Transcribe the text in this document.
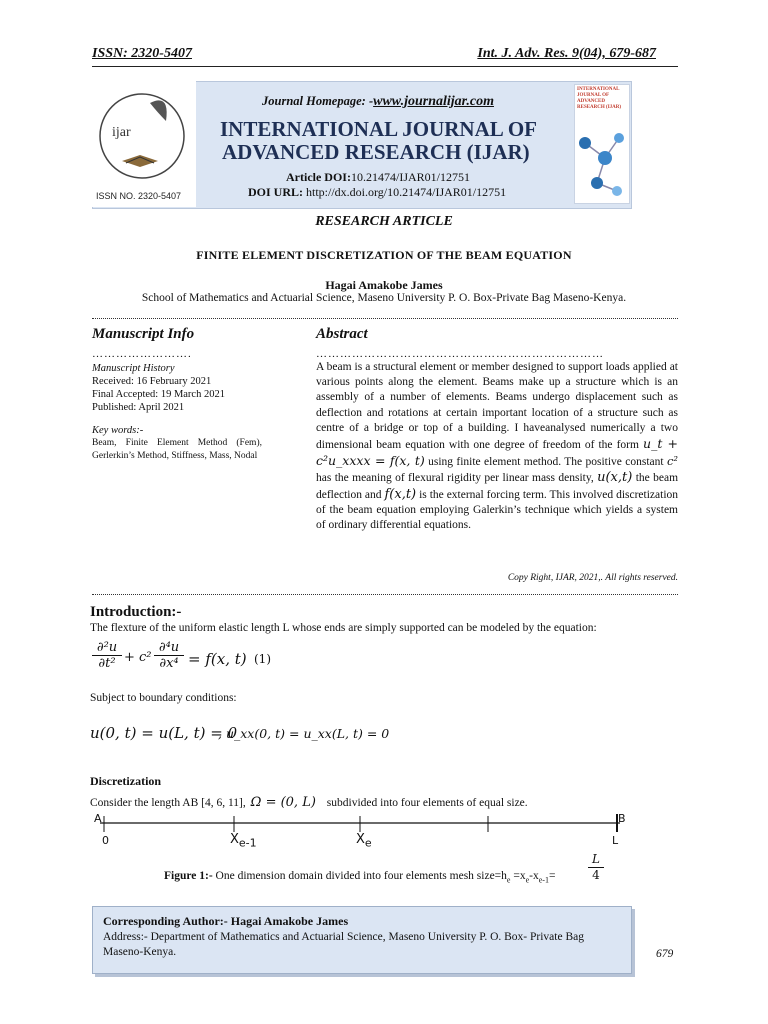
ISSN: 2320-5407	Int. J. Adv. Res. 9(04), 679-687
ijar
ISSN NO. 2320-5407
Journal Homepage: -www.journalijar.com
INTERNATIONAL JOURNAL OF
ADVANCED RESEARCH (IJAR)
Article DOI:10.21474/IJAR01/12751
DOI URL: http://dx.doi.org/10.21474/IJAR01/12751
INTERNATIONAL JOURNAL OF ADVANCED RESEARCH (IJAR)
RESEARCH ARTICLE
FINITE ELEMENT DISCRETIZATION OF THE BEAM EQUATION
Hagai Amakobe James
School of Mathematics and Actuarial Science, Maseno University P. O. Box-Private Bag Maseno-Kenya.
Manuscript Info
…………………….
Manuscript History
Received: 16 February 2021
Final Accepted: 19 March 2021
Published: April 2021
Key words:-
Beam, Finite Element Method (Fem), Gerlerkin’s Method, Stiffness, Mass, Nodal
Abstract
………………………………………………………………
A beam is a structural element or member designed to support loads applied at various points along the element. Beams make up a structure which is an assembly of a number of elements. Beams undergo displacement such as deflection and rotations at certain important location of a structure such as centre of a bridge or top of a building. I haveanalysed numerically a two dimensional beam equation with one degree of freedom of the form u_t + c²u_xxxx = f(x, t) using finite element method. The positive constant c² has the meaning of flexural rigidity per linear mass density, u(x,t) the beam deflection and f(x,t) is the external forcing term. This involved discretization of the beam equation employing Galerkin’s technique which yields a system of ordinary differential equations.
Copy Right, IJAR, 2021,. All rights reserved.
Introduction:-
The flexture of the uniform elastic length L whose ends are simply supported can be modeled by the equation:
∂²u
∂t² + c²
∂⁴u
∂x⁴ = f(x, t) (1)
Subject to boundary conditions:
u(0, t) = u(L, t) = 0
, u_xx(0, t) = u_xx(L, t) = 0
Discretization
Consider the length AB [4, 6, 11], Ω = (0, L) subdivided into four elements of equal size.
A	B
0	$X_{e-1}$	$X_e$	L
Figure 1:- One dimension domain divided into four elements mesh $size=h_e =x_e-x_{e-1}=$	$\frac{L}{4}$
Corresponding Author:- Hagai Amakobe James
Address:- Department of Mathematics and Actuarial Science, Maseno University P. O. Box- Private Bag Maseno-Kenya.	679
